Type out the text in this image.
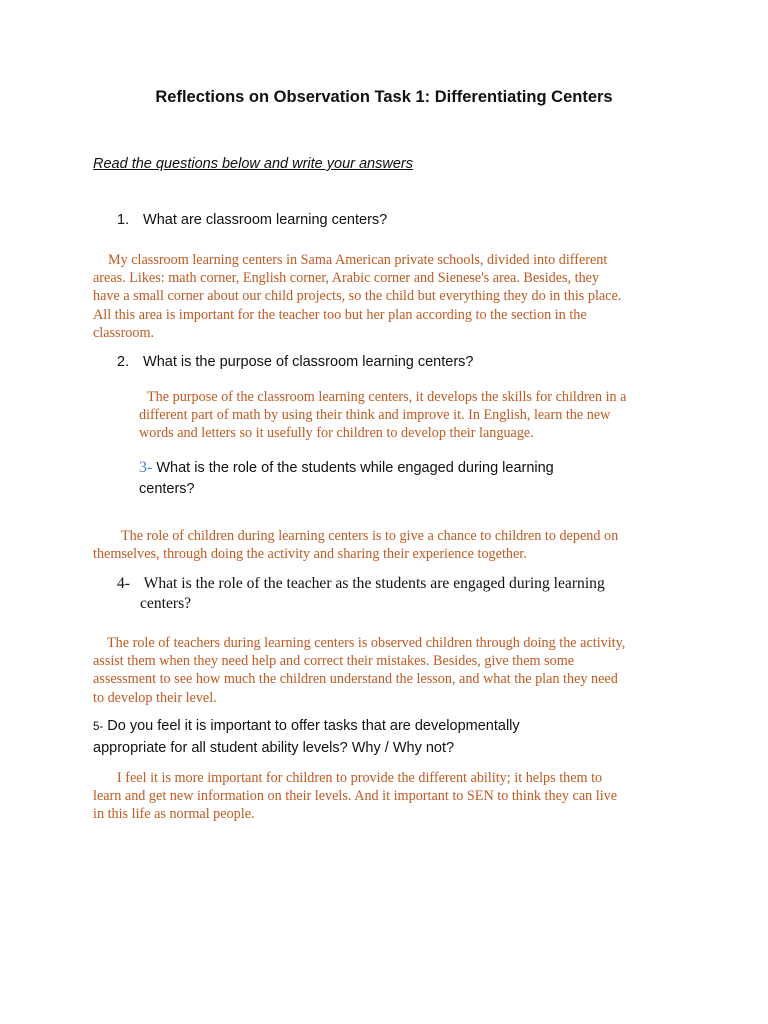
Reflections on Observation Task 1: Differentiating Centers
Read the questions below and write your answers
1. What are classroom learning centers?
My classroom learning centers in Sama American private schools, divided into different
areas. Likes: math corner, English corner, Arabic corner and Sienese's area. Besides, they
have a small corner about our child projects, so the child but everything they do in this place.
All this area is important for the teacher too but her plan according to the section in the
classroom.
2. What is the purpose of classroom learning centers?
The purpose of the classroom learning centers, it develops the skills for children in a
different part of math by using their think and improve it. In English, learn the new
words and letters so it usefully for children to develop their language.
3- What is the role of the students while engaged during learning
centers?
The role of children during learning centers is to give a chance to children to depend on
themselves, through doing the activity and sharing their experience together.
4- What is the role of the teacher as the students are engaged during learning
centers?
The role of teachers during learning centers is observed children through doing the activity,
assist them when they need help and correct their mistakes. Besides, give them some
assessment to see how much the children understand the lesson, and what the plan they need
to develop their level.
5- Do you feel it is important to offer tasks that are developmentally
appropriate for all student ability levels? Why / Why not?
I feel it is more important for children to provide the different ability; it helps them to
learn and get new information on their levels. And it important to SEN to think they can live
in this life as normal people.
